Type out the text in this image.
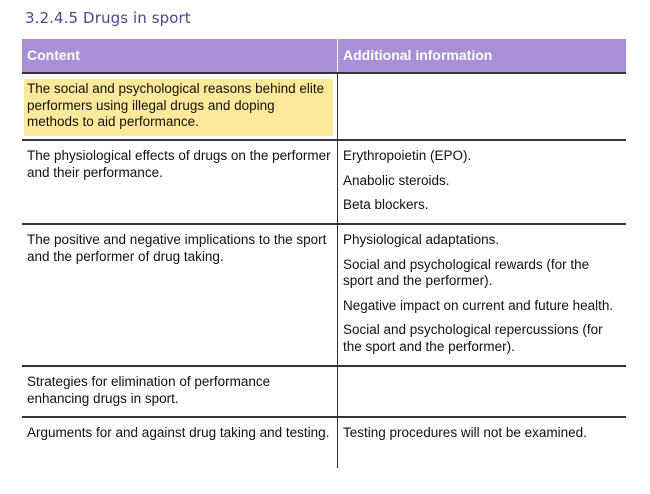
3.2.4.5 Drugs in sport
Content	Additional information
The social and psychological reasons behind elite performers using illegal drugs and doping methods to aid performance.
The physiological effects of drugs on the performer and their performance.

Erythropoietin (EPO).

Anabolic steroids.

Beta blockers.

The positive and negative implications to the sport and the performer of drug taking.

Physiological adaptations.

Social and psychological rewards (for the sport and the performer).

Negative impact on current and future health.

Social and psychological repercussions (for the sport and the performer).

Strategies for elimination of performance enhancing drugs in sport.
Arguments for and against drug taking and testing.	Testing procedures will not be examined.
